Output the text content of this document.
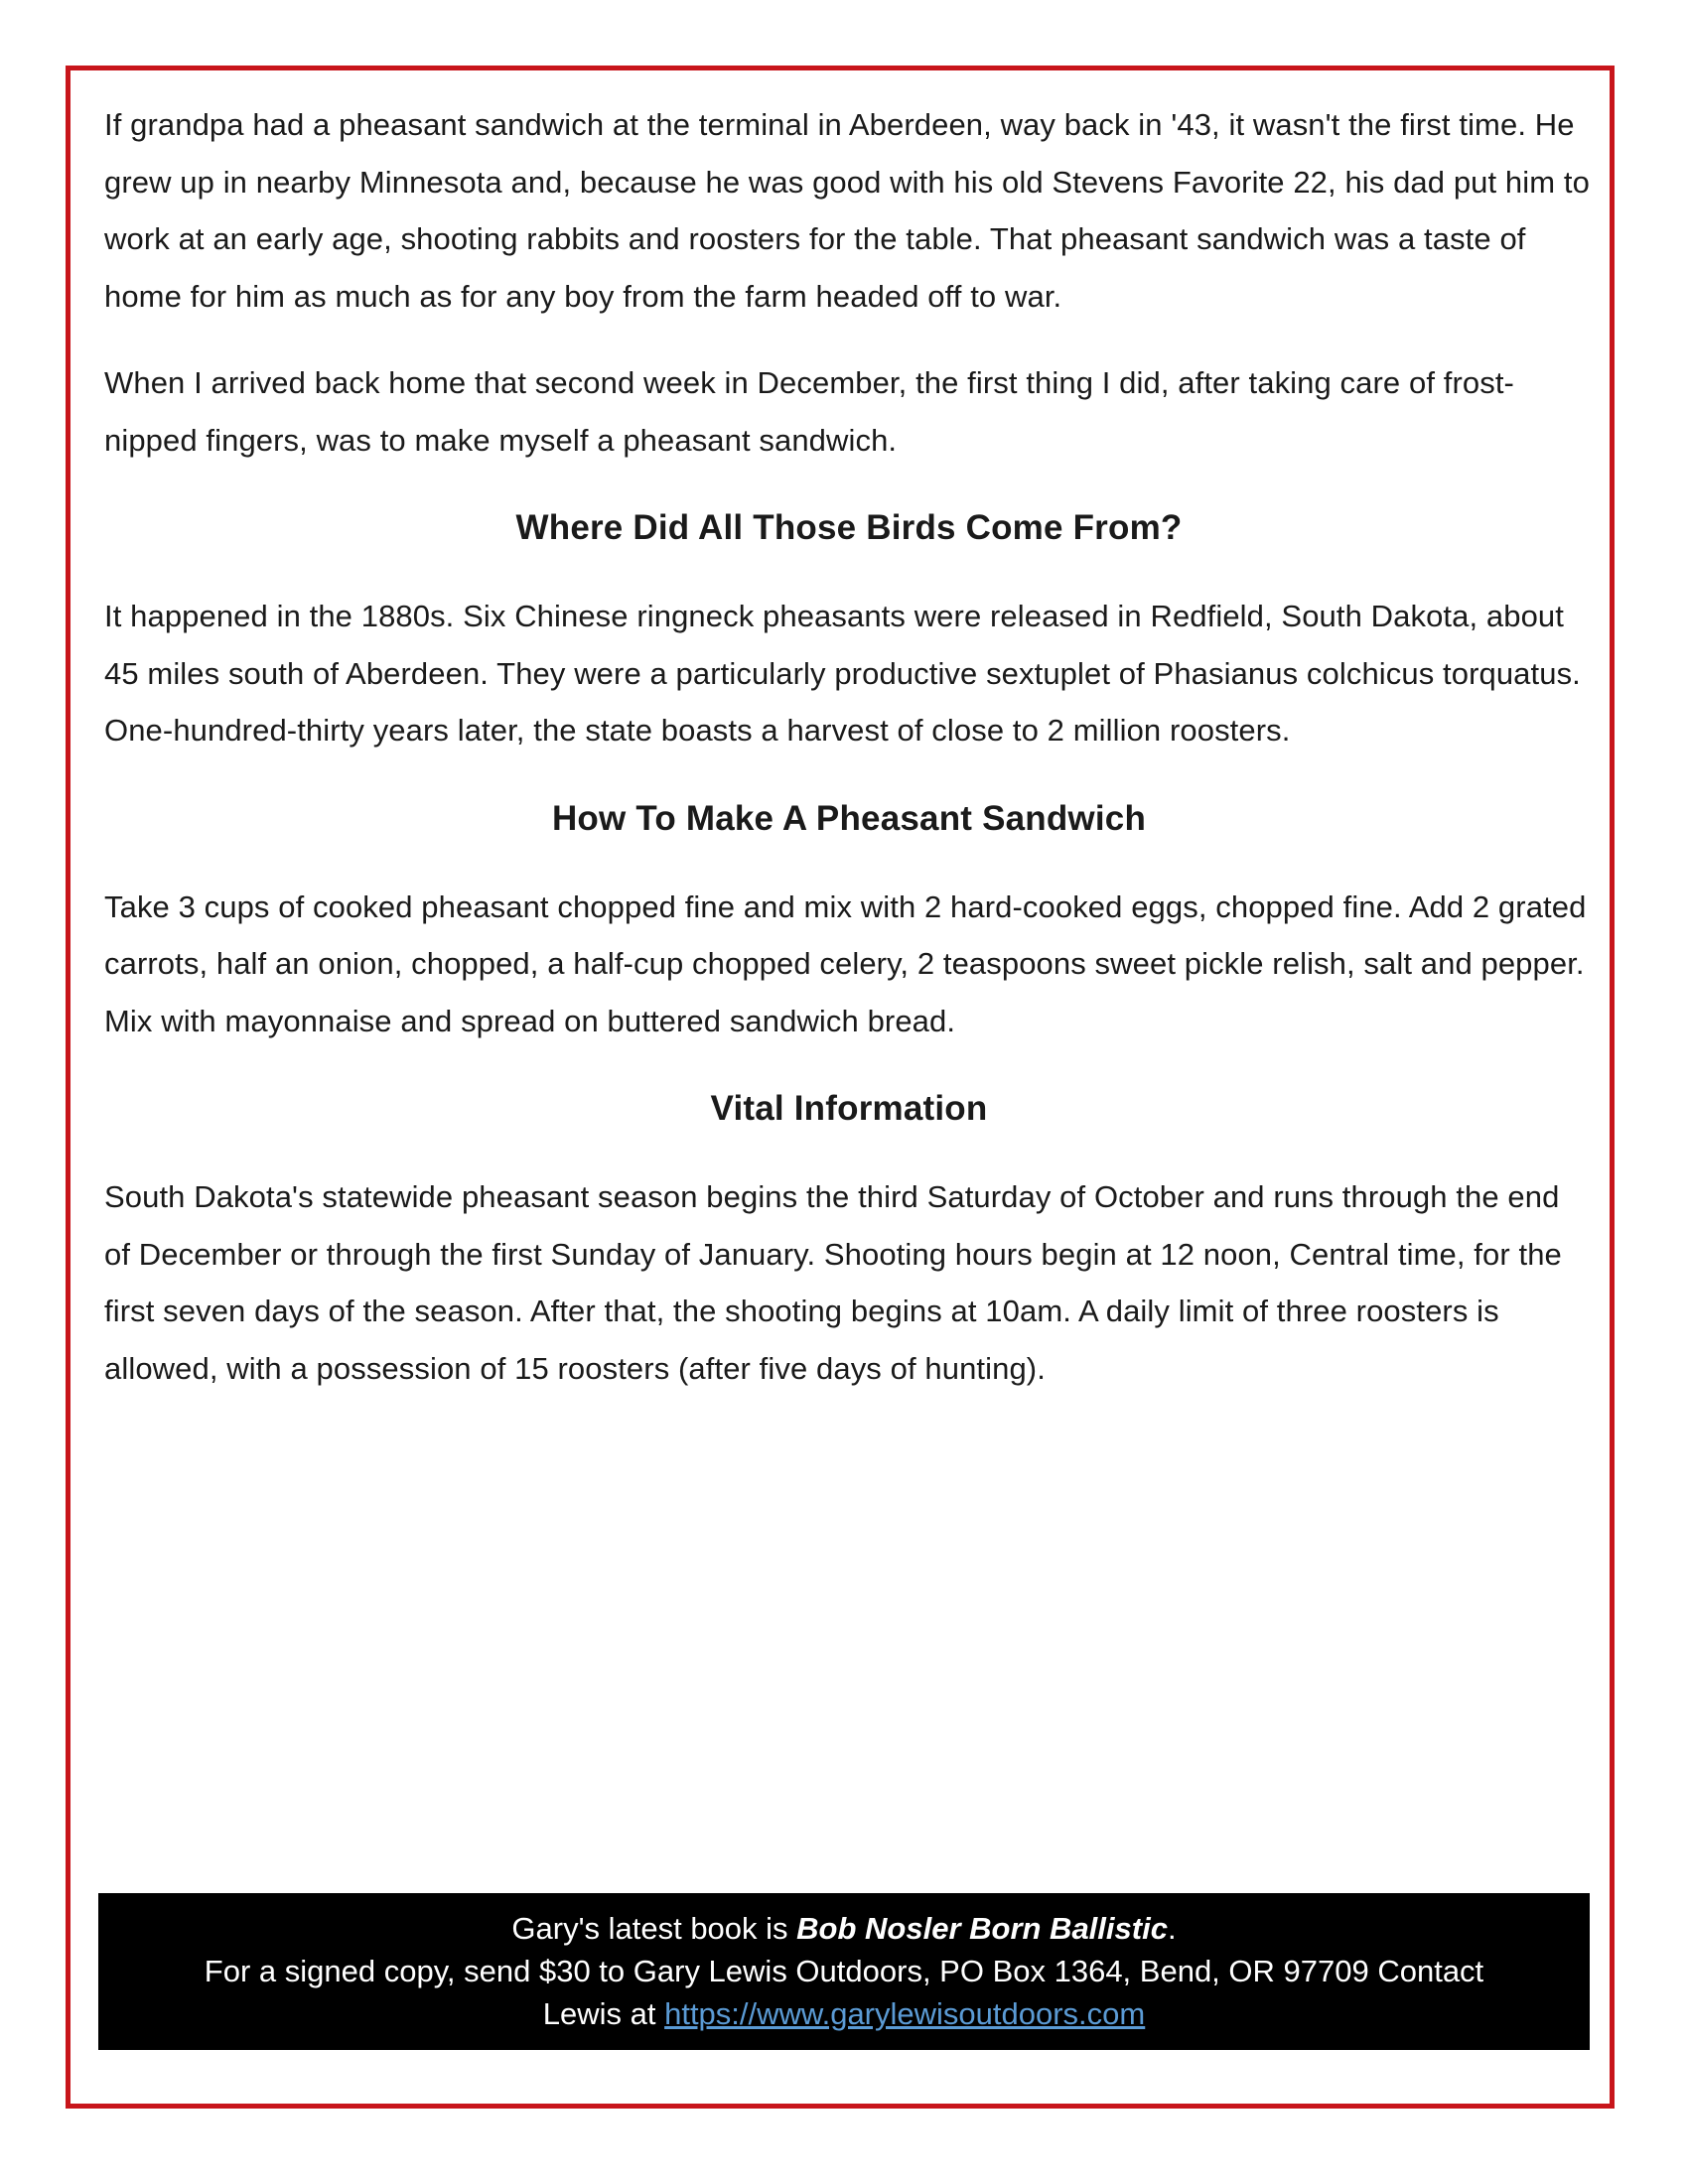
If grandpa had a pheasant sandwich at the terminal in Aberdeen, way back in '43, it wasn't the first time. He grew up in nearby Minnesota and, because he was good with his old Stevens Favorite 22, his dad put him to work at an early age, shooting rabbits and roosters for the table. That pheasant sandwich was a taste of home for him as much as for any boy from the farm headed off to war.

When I arrived back home that second week in December, the first thing I did, after taking care of frost-nipped fingers, was to make myself a pheasant sandwich.

Where Did All Those Birds Come From?

It happened in the 1880s. Six Chinese ringneck pheasants were released in Redfield, South Dakota, about 45 miles south of Aberdeen. They were a particularly productive sextuplet of Phasianus colchicus torquatus. One-hundred-thirty years later, the state boasts a harvest of close to 2 million roosters.

How To Make A Pheasant Sandwich

Take 3 cups of cooked pheasant chopped fine and mix with 2 hard-cooked eggs, chopped fine. Add 2 grated carrots, half an onion, chopped, a half-cup chopped celery, 2 teaspoons sweet pickle relish, salt and pepper. Mix with mayonnaise and spread on buttered sandwich bread.

Vital Information

South Dakota's statewide pheasant season begins the third Saturday of October and runs through the end of December or through the first Sunday of January. Shooting hours begin at 12 noon, Central time, for the first seven days of the season. After that, the shooting begins at 10am. A daily limit of three roosters is allowed, with a possession of 15 roosters (after five days of hunting).

Gary's latest book is Bob Nosler Born Ballistic.
For a signed copy, send $30 to Gary Lewis Outdoors, PO Box 1364, Bend, OR 97709 Contact
Lewis at https://www.garylewisoutdoors.com
